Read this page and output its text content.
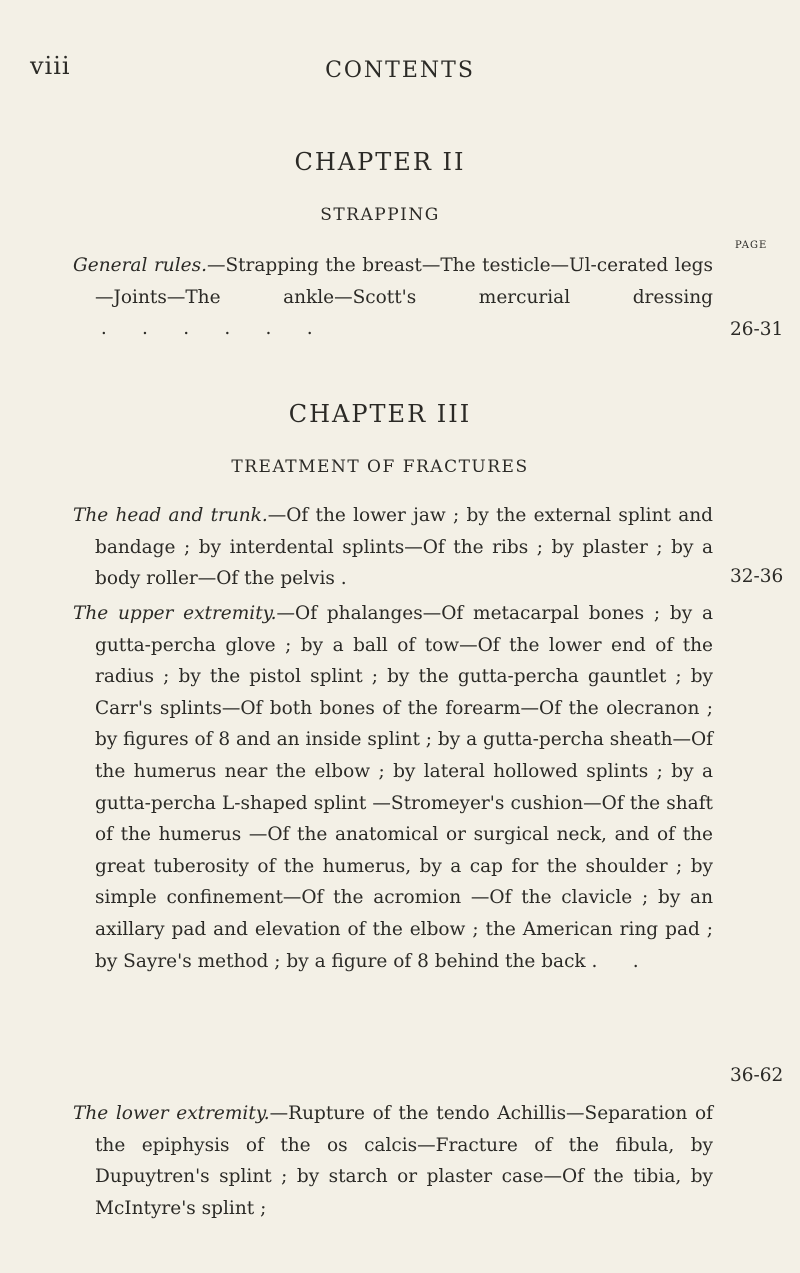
viii	CONTENTS
CHAPTER II
STRAPPING
PAGE

General rules.—Strapping the breast—The testicle—Ul-cerated legs—Joints—The ankle—Scott's mercurial dressing .      .      .      .      .      .	26-31
CHAPTER III
TREATMENT OF FRACTURES

The head and trunk.—Of the lower jaw ; by the external splint and bandage ; by interdental splints—Of the ribs ; by plaster ; by a body roller—Of the pelvis .	32-36

The upper extremity.—Of phalanges—Of metacarpal bones ; by a gutta-percha glove ; by a ball of tow—Of the lower end of the radius ; by the pistol splint ; by the gutta-percha gauntlet ; by Carr's splints—Of both bones of the forearm—Of the olecranon ; by figures of 8 and an inside splint ; by a gutta-percha sheath—Of the humerus near the elbow ; by lateral hollowed splints ; by a gutta-percha L-shaped splint —Stromeyer's cushion—Of the shaft of the humerus —Of the anatomical or surgical neck, and of the great tuberosity of the humerus, by a cap for the shoulder ; by simple confinement—Of the acromion —Of the clavicle ; by an axillary pad and elevation of the elbow ; the American ring pad ; by Sayre's method ; by a figure of 8 behind the back .      .

36-62

The lower extremity.—Rupture of the tendo Achillis—Separation of the epiphysis of the os calcis—Fracture of the fibula, by Dupuytren's splint ; by starch or plaster case—Of the tibia, by McIntyre's splint ;
